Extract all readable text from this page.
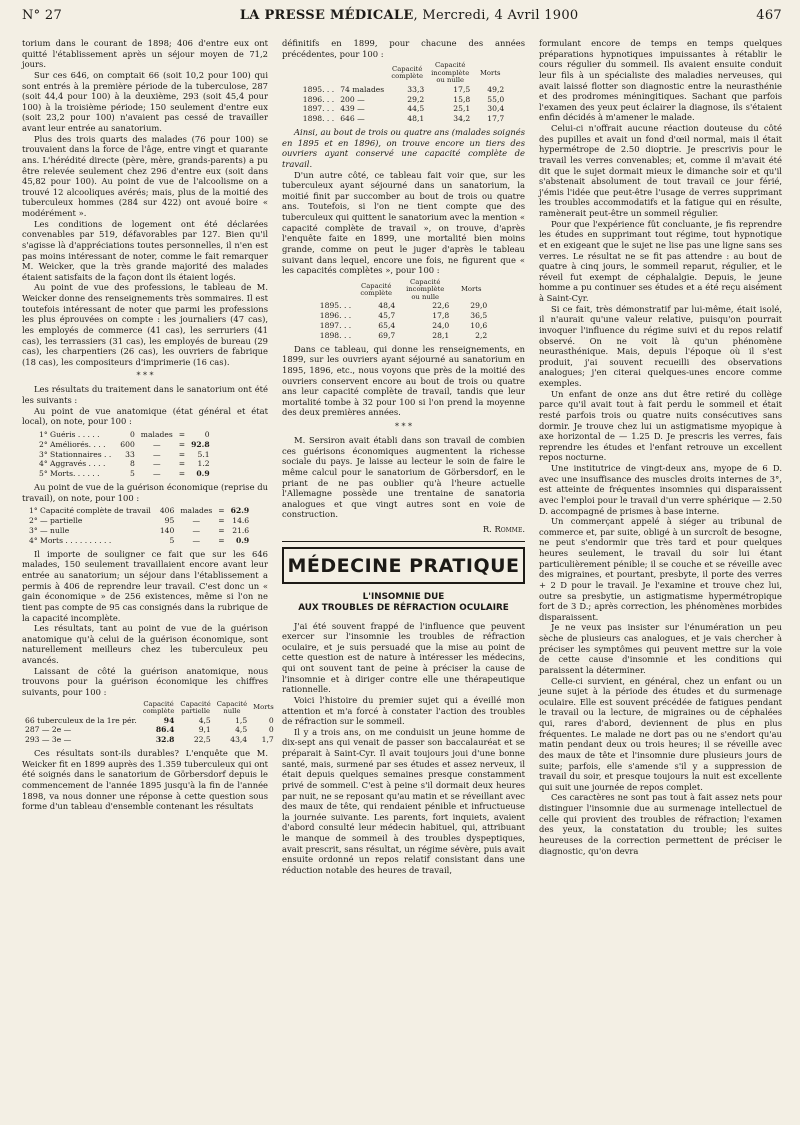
N° 27	LA PRESSE MÉDICALE, Mercredi, 4 Avril 1900	467

torium dans le courant de 1898; 406 d'entre eux ont quitté l'établissement après un séjour moyen de 71,2 jours.

Sur ces 646, on comptait 66 (soit 10,2 pour 100) qui sont entrés à la première période de la tuberculose, 287 (soit 44,4 pour 100) à la deuxième, 293 (soit 45,4 pour 100) à la troisième période; 150 seulement d'entre eux (soit 23,2 pour 100) n'avaient pas cessé de travailler avant leur entrée au sanatorium.

Plus des trois quarts des malades (76 pour 100) se trouvaient dans la force de l'âge, entre vingt et quarante ans. L'hérédité directe (père, mère, grands-parents) a pu être relevée seulement chez 296 d'entre eux (soit dans 45,82 pour 100). Au point de vue de l'alcoolisme on a trouvé 12 alcooliques avérés; mais, plus de la moitié des tuberculeux hommes (284 sur 422) ont avoué boire « modérément ».

Les conditions de logement ont été déclarées convenables par 519, défavorables par 127. Bien qu'il s'agisse là d'appréciations toutes personnelles, il n'en est pas moins intéressant de noter, comme le fait remarquer M. Weicker, que la très grande majorité des malades étaient satisfaits de la façon dont ils étaient logés.

Au point de vue des professions, le tableau de M. Weicker donne des renseignements très sommaires. Il est toutefois intéressant de noter que parmi les professions les plus éprouvées on compte : les journaliers (47 cas), les employés de commerce (41 cas), les serruriers (41 cas), les terrassiers (31 cas), les employés de bureau (29 cas), les charpentiers (26 cas), les ouvriers de fabrique (18 cas), les compositeurs d'imprimerie (16 cas).

* * *

Les résultats du traitement dans le sanatorium ont été les suivants :

Au point de vue anatomique (état général et état local), on note, pour 100 :

1° Guéris . . . . .	0	malades	=	0
2° Améliorés. . . .	600	—	=	92.8
3° Stationnaires . .	33	—	=	5.1
4° Aggravés . . . .	8	—	=	1.2
5° Morts. . . . . .	5	—	=	0.9

Au point de vue de la guérison économique (reprise du travail), on note, pour 100 :

1° Capacité complète de travail	406	malades	=	62.9
2° — partielle	95	—	=	14.6
3° — nulle	140	—	=	21.6
4° Morts . . . . . . . . . .	5	—	=	0.9

Il importe de souligner ce fait que sur les 646 malades, 150 seulement travaillaient encore avant leur entrée au sanatorium; un séjour dans l'établissement a permis à 406 de reprendre leur travail. C'est donc un « gain économique » de 256 existences, même si l'on ne tient pas compte de 95 cas consignés dans la rubrique de la capacité incomplète.

Les résultats, tant au point de vue de la guérison anatomique qu'à celui de la guérison économique, sont naturellement meilleurs chez les tuberculeux peu avancés.

Laissant de côté la guérison anatomique, nous trouvons pour la guérison économique les chiffres suivants, pour 100 :

	Capacité complète	Capacité partielle	Capacité nulle	Morts
66 tuberculeux de la 1re pér.	94	4,5	1,5	0
287 — 2e —	86.4	9,1	4,5	0
293 — 3e —	32.8	22,5	43,4	1,7

Ces résultats sont-ils durables? L'enquête que M. Weicker fit en 1899 auprès des 1.359 tuberculeux qui ont été soignés dans le sanatorium de Görbersdorf depuis le commencement de l'année 1895 jusqu'à la fin de l'année 1898, va nous donner une réponse à cette question sous forme d'un tableau d'ensemble contenant les résultats

définitifs en 1899, pour chacune des années précédentes, pour 100 :

		Capacité complète	Capacité incomplète ou nulle	Morts
1895. . .	74 malades	33,3	17,5	49,2
1896. . .	200 —	29,2	15,8	55,0
1897. . .	439 —	44,5	25,1	30,4
1898. . .	646 —	48,1	34,2	17,7

Ainsi, au bout de trois ou quatre ans (malades soignés en 1895 et en 1896), on trouve encore un tiers des ouvriers ayant conservé une capacité complète de travail.

D'un autre côté, ce tableau fait voir que, sur les tuberculeux ayant séjourné dans un sanatorium, la moitié finit par succomber au bout de trois ou quatre ans. Toutefois, si l'on ne tient compte que des tuberculeux qui quittent le sanatorium avec la mention « capacité complète de travail », on trouve, d'après l'enquête faite en 1899, une mortalité bien moins grande, comme on peut le juger d'après le tableau suivant dans lequel, encore une fois, ne figurent que « les capacités complètes », pour 100 :

	Capacité complète	Capacité incomplète ou nulle	Morts
1895. . .	48,4	22,6	29,0
1896. . .	45,7	17,8	36,5
1897. . .	65,4	24,0	10,6
1898. . .	69,7	28,1	2,2

Dans ce tableau, qui donne les renseignements, en 1899, sur les ouvriers ayant séjourné au sanatorium en 1895, 1896, etc., nous voyons que près de la moitié des ouvriers conservent encore au bout de trois ou quatre ans leur capacité complète de travail, tandis que leur mortalité tombe à 32 pour 100 si l'on prend la moyenne des deux premières années.

* * *

M. Sersiron avait établi dans son travail de combien ces guérisons économiques augmentent la richesse sociale du pays. Je laisse au lecteur le soin de faire le même calcul pour le sanatorium de Görbersdorf, en le priant de ne pas oublier qu'à l'heure actuelle l'Allemagne possède une trentaine de sanatoria analogues et que vingt autres sont en voie de construction.

R. Romme.
MÉDECINE PRATIQUE
L'INSOMNIE DUE
AUX TROUBLES DE RÉFRACTION OCULAIRE

J'ai été souvent frappé de l'influence que peuvent exercer sur l'insomnie les troubles de réfraction oculaire, et je suis persuadé que la mise au point de cette question est de nature à intéresser les médecins, qui ont souvent tant de peine à préciser la cause de l'insomnie et à diriger contre elle une thérapeutique rationnelle.

Voici l'histoire du premier sujet qui a éveillé mon attention et m'a forcé à constater l'action des troubles de réfraction sur le sommeil.

Il y a trois ans, on me conduisit un jeune homme de dix-sept ans qui venait de passer son baccalauréat et se préparait à Saint-Cyr. Il avait toujours joui d'une bonne santé, mais, surmené par ses études et assez nerveux, il était depuis quelques semaines presque constamment privé de sommeil. C'est à peine s'il dormait deux heures par nuit, ne se reposant qu'au matin et se réveillant avec des maux de tête, qui rendaient pénible et infructueuse la journée suivante. Les parents, fort inquiets, avaient d'abord consulté leur médecin habituel, qui, attribuant le manque de sommeil à des troubles dyspeptiques, avait prescrit, sans résultat, un régime sévère, puis avait ensuite ordonné un repos relatif consistant dans une réduction notable des heures de travail,

formulant encore de temps en temps quelques préparations hypnotiques impuissantes à rétablir le cours régulier du sommeil. Ils avaient ensuite conduit leur fils à un spécialiste des maladies nerveuses, qui avait laissé flotter son diagnostic entre la neurasthénie et des prodromes méningitiques. Sachant que parfois l'examen des yeux peut éclairer la diagnose, ils s'étaient enfin décidés à m'amener le malade.

Celui-ci n'offrait aucune réaction douteuse du côté des pupilles et avait un fond d'œil normal, mais il était hypermétrope de 2.50 dioptrie. Je prescrivis pour le travail les verres convenables; et, comme il m'avait été dit que le sujet dormait mieux le dimanche soir et qu'il s'abstenait absolument de tout travail ce jour férié, j'émis l'idée que peut-être l'usage de verres supprimant les troubles accommodatifs et la fatigue qui en résulte, ramènerait peut-être un sommeil régulier.

Pour que l'expérience fût concluante, je fis reprendre les études en supprimant tout régime, tout hypnotique et en exigeant que le sujet ne lise pas une ligne sans ses verres. Le résultat ne se fit pas attendre : au bout de quatre à cinq jours, le sommeil reparut, régulier, et le réveil fut exempt de céphalalgie. Depuis, le jeune homme a pu continuer ses études et a été reçu aisément à Saint-Cyr.

Si ce fait, très démonstratif par lui-même, était isolé, il n'aurait qu'une valeur relative, puisqu'on pourrait invoquer l'influence du régime suivi et du repos relatif observé. On ne voit là qu'un phénomène neurasthénique. Mais, depuis l'époque où il s'est produit, j'ai souvent recueilli des observations analogues; j'en citerai quelques-unes encore comme exemples.

Un enfant de onze ans dut être retiré du collège parce qu'il avait tout à fait perdu le sommeil et était resté parfois trois ou quatre nuits consécutives sans dormir. Je trouve chez lui un astigmatisme myopique à axe horizontal de — 1.25 D. Je prescris les verres, fais reprendre les études et l'enfant retrouve un excellent repos nocturne.

Une institutrice de vingt-deux ans, myope de 6 D. avec une insuffisance des muscles droits internes de 3°, est atteinte de fréquentes insomnies qui disparaissent avec l'emploi pour le travail d'un verre sphérique — 2.50 D. accompagné de prismes à base interne.

Un commerçant appelé à siéger au tribunal de commerce et, par suite, obligé à un surcroît de besogne, ne peut s'endormir que très tard et pour quelques heures seulement, le travail du soir lui étant particulièrement pénible; il se couche et se réveille avec des migraines, et pourtant, presbyte, il porte des verres + 2 D pour le travail. Je l'examine et trouve chez lui, outre sa presbytie, un astigmatisme hypermétropique fort de 3 D.; après correction, les phénomènes morbides disparaissent.

Je ne veux pas insister sur l'énumération un peu sèche de plusieurs cas analogues, et je vais chercher à préciser les symptômes qui peuvent mettre sur la voie de cette cause d'insomnie et les conditions qui paraissent la déterminer.

Celle-ci survient, en général, chez un enfant ou un jeune sujet à la période des études et du surmenage oculaire. Elle est souvent précédée de fatigues pendant le travail ou la lecture, de migraines ou de céphalées qui, rares d'abord, deviennent de plus en plus fréquentes. Le malade ne dort pas ou ne s'endort qu'au matin pendant deux ou trois heures; il se réveille avec des maux de tête et l'insomnie dure plusieurs jours de suite; parfois, elle s'amende s'il y a suppression de travail du soir, et presque toujours la nuit est excellente qui suit une journée de repos complet.

Ces caractères ne sont pas tout à fait assez nets pour distinguer l'insomnie due au surmenage intellectuel de celle qui provient des troubles de réfraction; l'examen des yeux, la constatation du trouble; les suites heureuses de la correction permettent de préciser le diagnostic, qu'on devra
